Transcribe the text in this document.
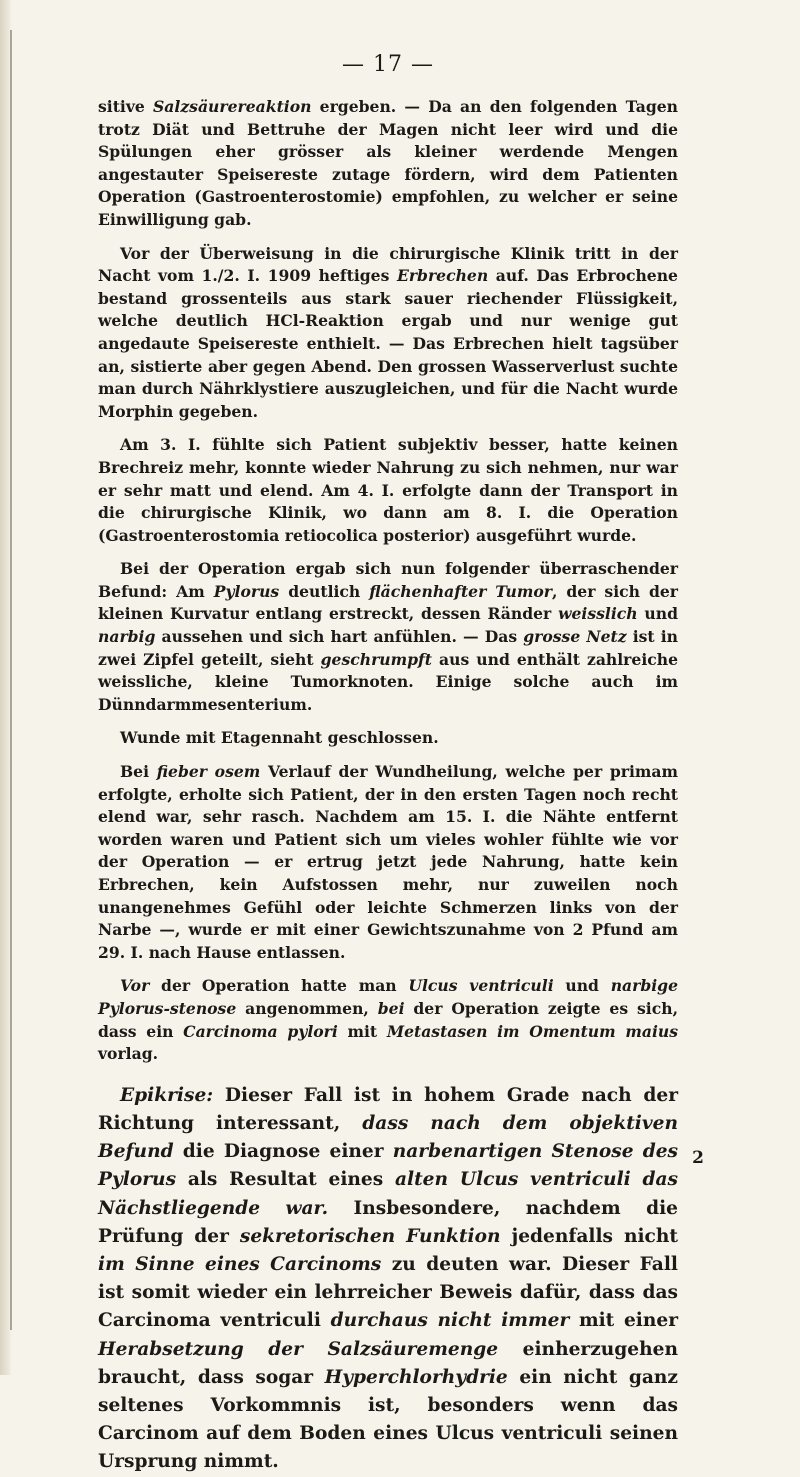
— 17 —

sitive Salzsäurereaktion ergeben. — Da an den folgenden Tagen trotz Diät und Bettruhe der Magen nicht leer wird und die Spülungen eher grösser als kleiner werdende Mengen angestauter Speisereste zutage fördern, wird dem Patienten Operation (Gastroenterostomie) empfohlen, zu welcher er seine Einwilligung gab.

Vor der Überweisung in die chirurgische Klinik tritt in der Nacht vom 1./2. I. 1909 heftiges Erbrechen auf. Das Erbrochene bestand grossenteils aus stark sauer riechender Flüssigkeit, welche deutlich HCl-Reaktion ergab und nur wenige gut angedaute Speisereste enthielt. — Das Erbrechen hielt tagsüber an, sistierte aber gegen Abend. Den grossen Wasserverlust suchte man durch Nährklystiere auszugleichen, und für die Nacht wurde Morphin gegeben.

Am 3. I. fühlte sich Patient subjektiv besser, hatte keinen Brechreiz mehr, konnte wieder Nahrung zu sich nehmen, nur war er sehr matt und elend. Am 4. I. erfolgte dann der Transport in die chirurgische Klinik, wo dann am 8. I. die Operation (Gastroenterostomia retiocolica posterior) ausgeführt wurde.

Bei der Operation ergab sich nun folgender überraschender Befund: Am Pylorus deutlich flächenhafter Tumor, der sich der kleinen Kurvatur entlang erstreckt, dessen Ränder weisslich und narbig aussehen und sich hart anfühlen. — Das grosse Netz ist in zwei Zipfel geteilt, sieht geschrumpft aus und enthält zahlreiche weissliche, kleine Tumorknoten. Einige solche auch im Dünndarmmesenterium.

Wunde mit Etagennaht geschlossen.

Bei fieber osem Verlauf der Wundheilung, welche per primam erfolgte, erholte sich Patient, der in den ersten Tagen noch recht elend war, sehr rasch. Nachdem am 15. I. die Nähte entfernt worden waren und Patient sich um vieles wohler fühlte wie vor der Operation — er ertrug jetzt jede Nahrung, hatte kein Erbrechen, kein Aufstossen mehr, nur zuweilen noch unangenehmes Gefühl oder leichte Schmerzen links von der Narbe —, wurde er mit einer Gewichtszunahme von 2 Pfund am 29. I. nach Hause entlassen.

Vor der Operation hatte man Ulcus ventriculi und narbige Pylorus-stenose angenommen, bei der Operation zeigte es sich, dass ein Carcinoma pylori mit Metastasen im Omentum maius vorlag.

Epikrise: Dieser Fall ist in hohem Grade nach der Richtung interessant, dass nach dem objektiven Befund die Diagnose einer narbenartigen Stenose des Pylorus als Resultat eines alten Ulcus ventriculi das Nächstliegende war. Insbesondere, nachdem die Prüfung der sekretorischen Funktion jedenfalls nicht im Sinne eines Carcinoms zu deuten war. Dieser Fall ist somit wieder ein lehrreicher Beweis dafür, dass das Carcinoma ventriculi durchaus nicht immer mit einer Herabsetzung der Salzsäuremenge einherzugehen braucht, dass sogar Hyperchlorhydrie ein nicht ganz seltenes Vorkommnis ist, besonders wenn das Carcinom auf dem Boden eines Ulcus ventriculi seinen Ursprung nimmt.

2
